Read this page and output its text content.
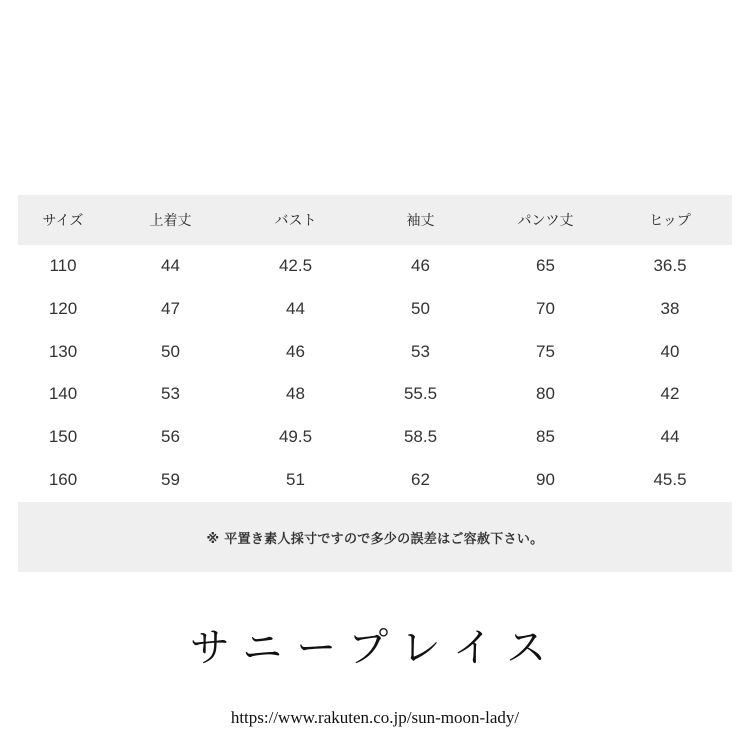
サイズ	上着丈	バスト	袖丈	パンツ丈	ヒップ
110	44	42.5	46	65	36.5
120	47	44	50	70	38
130	50	46	53	75	40
140	53	48	55.5	80	42
150	56	49.5	58.5	85	44
160	59	51	62	90	45.5
※ 平置き素人採寸ですので多少の誤差はご容赦下さい。
サニープレイス
https://www.rakuten.co.jp/sun-moon-lady/
